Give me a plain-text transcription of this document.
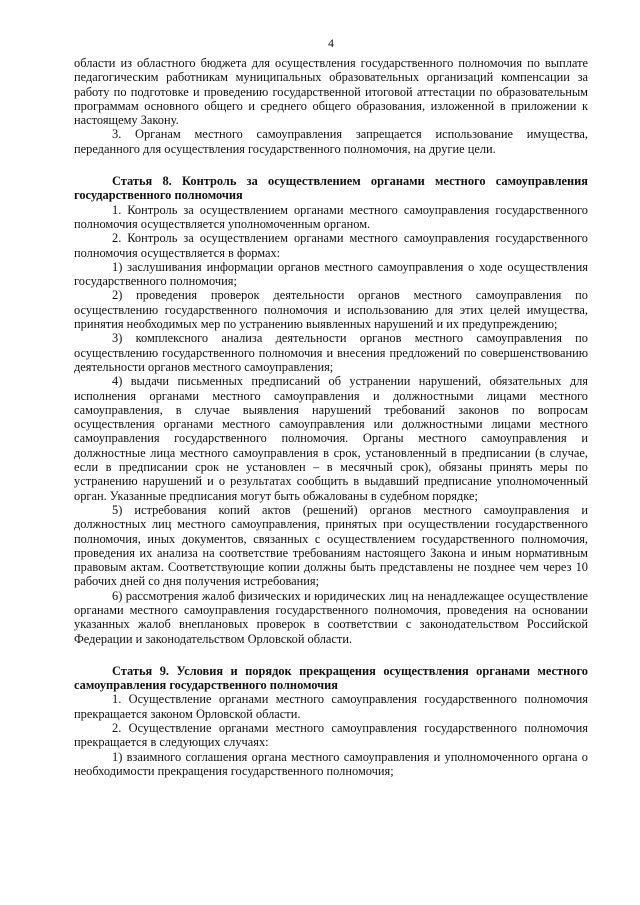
4

области из областного бюджета для осуществления государственного полномочия по выплате педагогическим работникам муниципальных образовательных организаций компенсации за работу по подготовке и проведению государственной итоговой аттестации по образовательным программам основного общего и среднего общего образования, изложенной в приложении к настоящему Закону.

3. Органам местного самоуправления запрещается использование имущества, переданного для осуществления государственного полномочия, на другие цели.

Статья 8. Контроль за осуществлением органами местного самоуправления государственного полномочия

1. Контроль за осуществлением органами местного самоуправления государственного полномочия осуществляется уполномоченным органом.

2. Контроль за осуществлением органами местного самоуправления государственного полномочия осуществляется в формах:

1) заслушивания информации органов местного самоуправления о ходе осуществления государственного полномочия;

2) проведения проверок деятельности органов местного самоуправления по осуществлению государственного полномочия и использованию для этих целей имущества, принятия необходимых мер по устранению выявленных нарушений и их предупреждению;

3) комплексного анализа деятельности органов местного самоуправления по осуществлению государственного полномочия и внесения предложений по совершенствованию деятельности органов местного самоуправления;

4) выдачи письменных предписаний об устранении нарушений, обязательных для исполнения органами местного самоуправления и должностными лицами местного самоуправления, в случае выявления нарушений требований законов по вопросам осуществления органами местного самоуправления или должностными лицами местного самоуправления государственного полномочия. Органы местного самоуправления и должностные лица местного самоуправления в срок, установленный в предписании (в случае, если в предписании срок не установлен – в месячный срок), обязаны принять меры по устранению нарушений и о результатах сообщить в выдавший предписание уполномоченный орган. Указанные предписания могут быть обжалованы в судебном порядке;

5) истребования копий актов (решений) органов местного самоуправления и должностных лиц местного самоуправления, принятых при осуществлении государственного полномочия, иных документов, связанных с осуществлением государственного полномочия, проведения их анализа на соответствие требованиям настоящего Закона и иным нормативным правовым актам. Соответствующие копии должны быть представлены не позднее чем через 10 рабочих дней со дня получения истребования;

6) рассмотрения жалоб физических и юридических лиц на ненадлежащее осуществление органами местного самоуправления государственного полномочия, проведения на основании указанных жалоб внеплановых проверок в соответствии с законодательством Российской Федерации и законодательством Орловской области.

Статья 9. Условия и порядок прекращения осуществления органами местного самоуправления государственного полномочия

1. Осуществление органами местного самоуправления государственного полномочия прекращается законом Орловской области.

2. Осуществление органами местного самоуправления государственного полномочия прекращается в следующих случаях:

1) взаимного соглашения органа местного самоуправления и уполномоченного органа о необходимости прекращения государственного полномочия;
